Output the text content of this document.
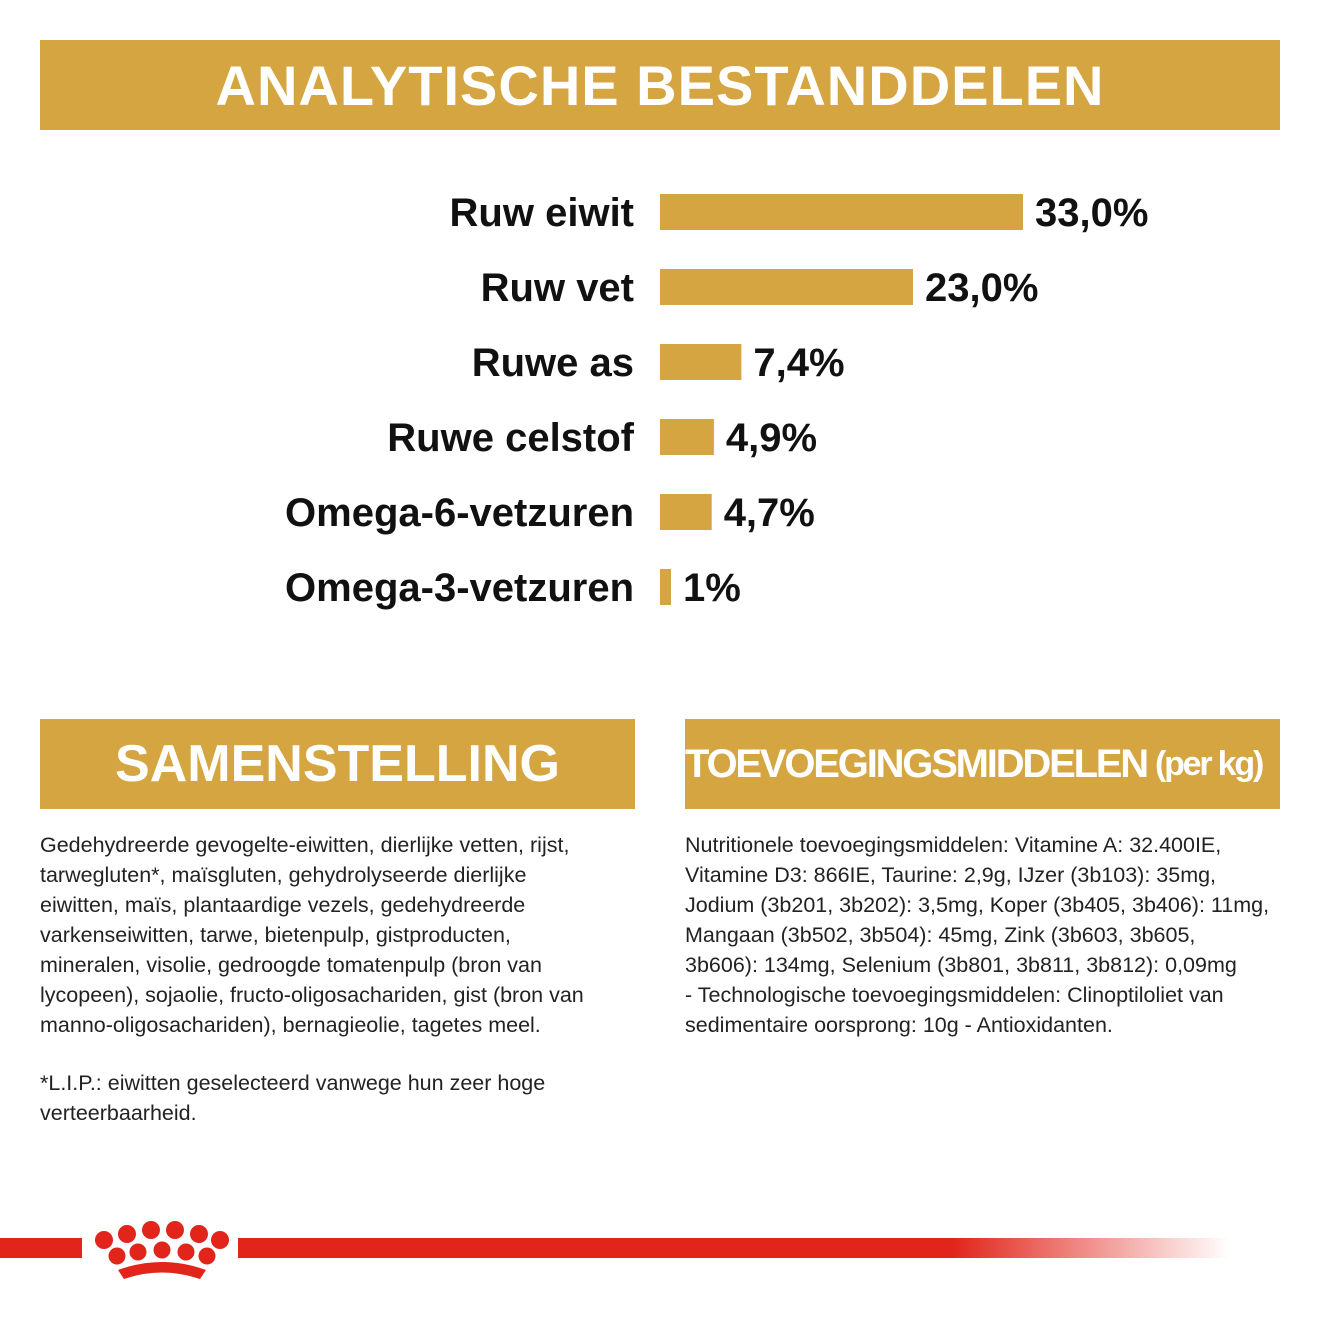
ANALYTISCHE BESTANDDELEN
Ruw eiwit	33,0%
Ruw vet	23,0%
Ruwe as	7,4%
Ruwe celstof 4,9%
Omega-6-vetzuren 4,7%
Omega-3-vetzuren 1%
SAMENSTELLING
Gedehydreerde gevogelte-eiwitten, dierlijke vetten, rijst,
tarwegluten*, maïsgluten, gehydrolyseerde dierlijke
eiwitten, maïs, plantaardige vezels, gedehydreerde
varkenseiwitten, tarwe, bietenpulp, gistproducten,
mineralen, visolie, gedroogde tomatenpulp (bron van
lycopeen), sojaolie, fructo-oligosachariden, gist (bron van
manno-oligosachariden), bernagieolie, tagetes meel.
*L.I.P.: eiwitten geselecteerd vanwege hun zeer hoge
verteerbaarheid.
TOEVOEGINGSMIDDELEN (per kg)
Nutritionele toevoegingsmiddelen: Vitamine A: 32.400IE,
Vitamine D3: 866IE, Taurine: 2,9g, IJzer (3b103): 35mg,
Jodium (3b201, 3b202): 3,5mg, Koper (3b405, 3b406): 11mg,
Mangaan (3b502, 3b504): 45mg, Zink (3b603, 3b605,
3b606): 134mg, Selenium (3b801, 3b811, 3b812): 0,09mg
- Technologische toevoegingsmiddelen: Clinoptiloliet van
sedimentaire oorsprong: 10g - Antioxidanten.
